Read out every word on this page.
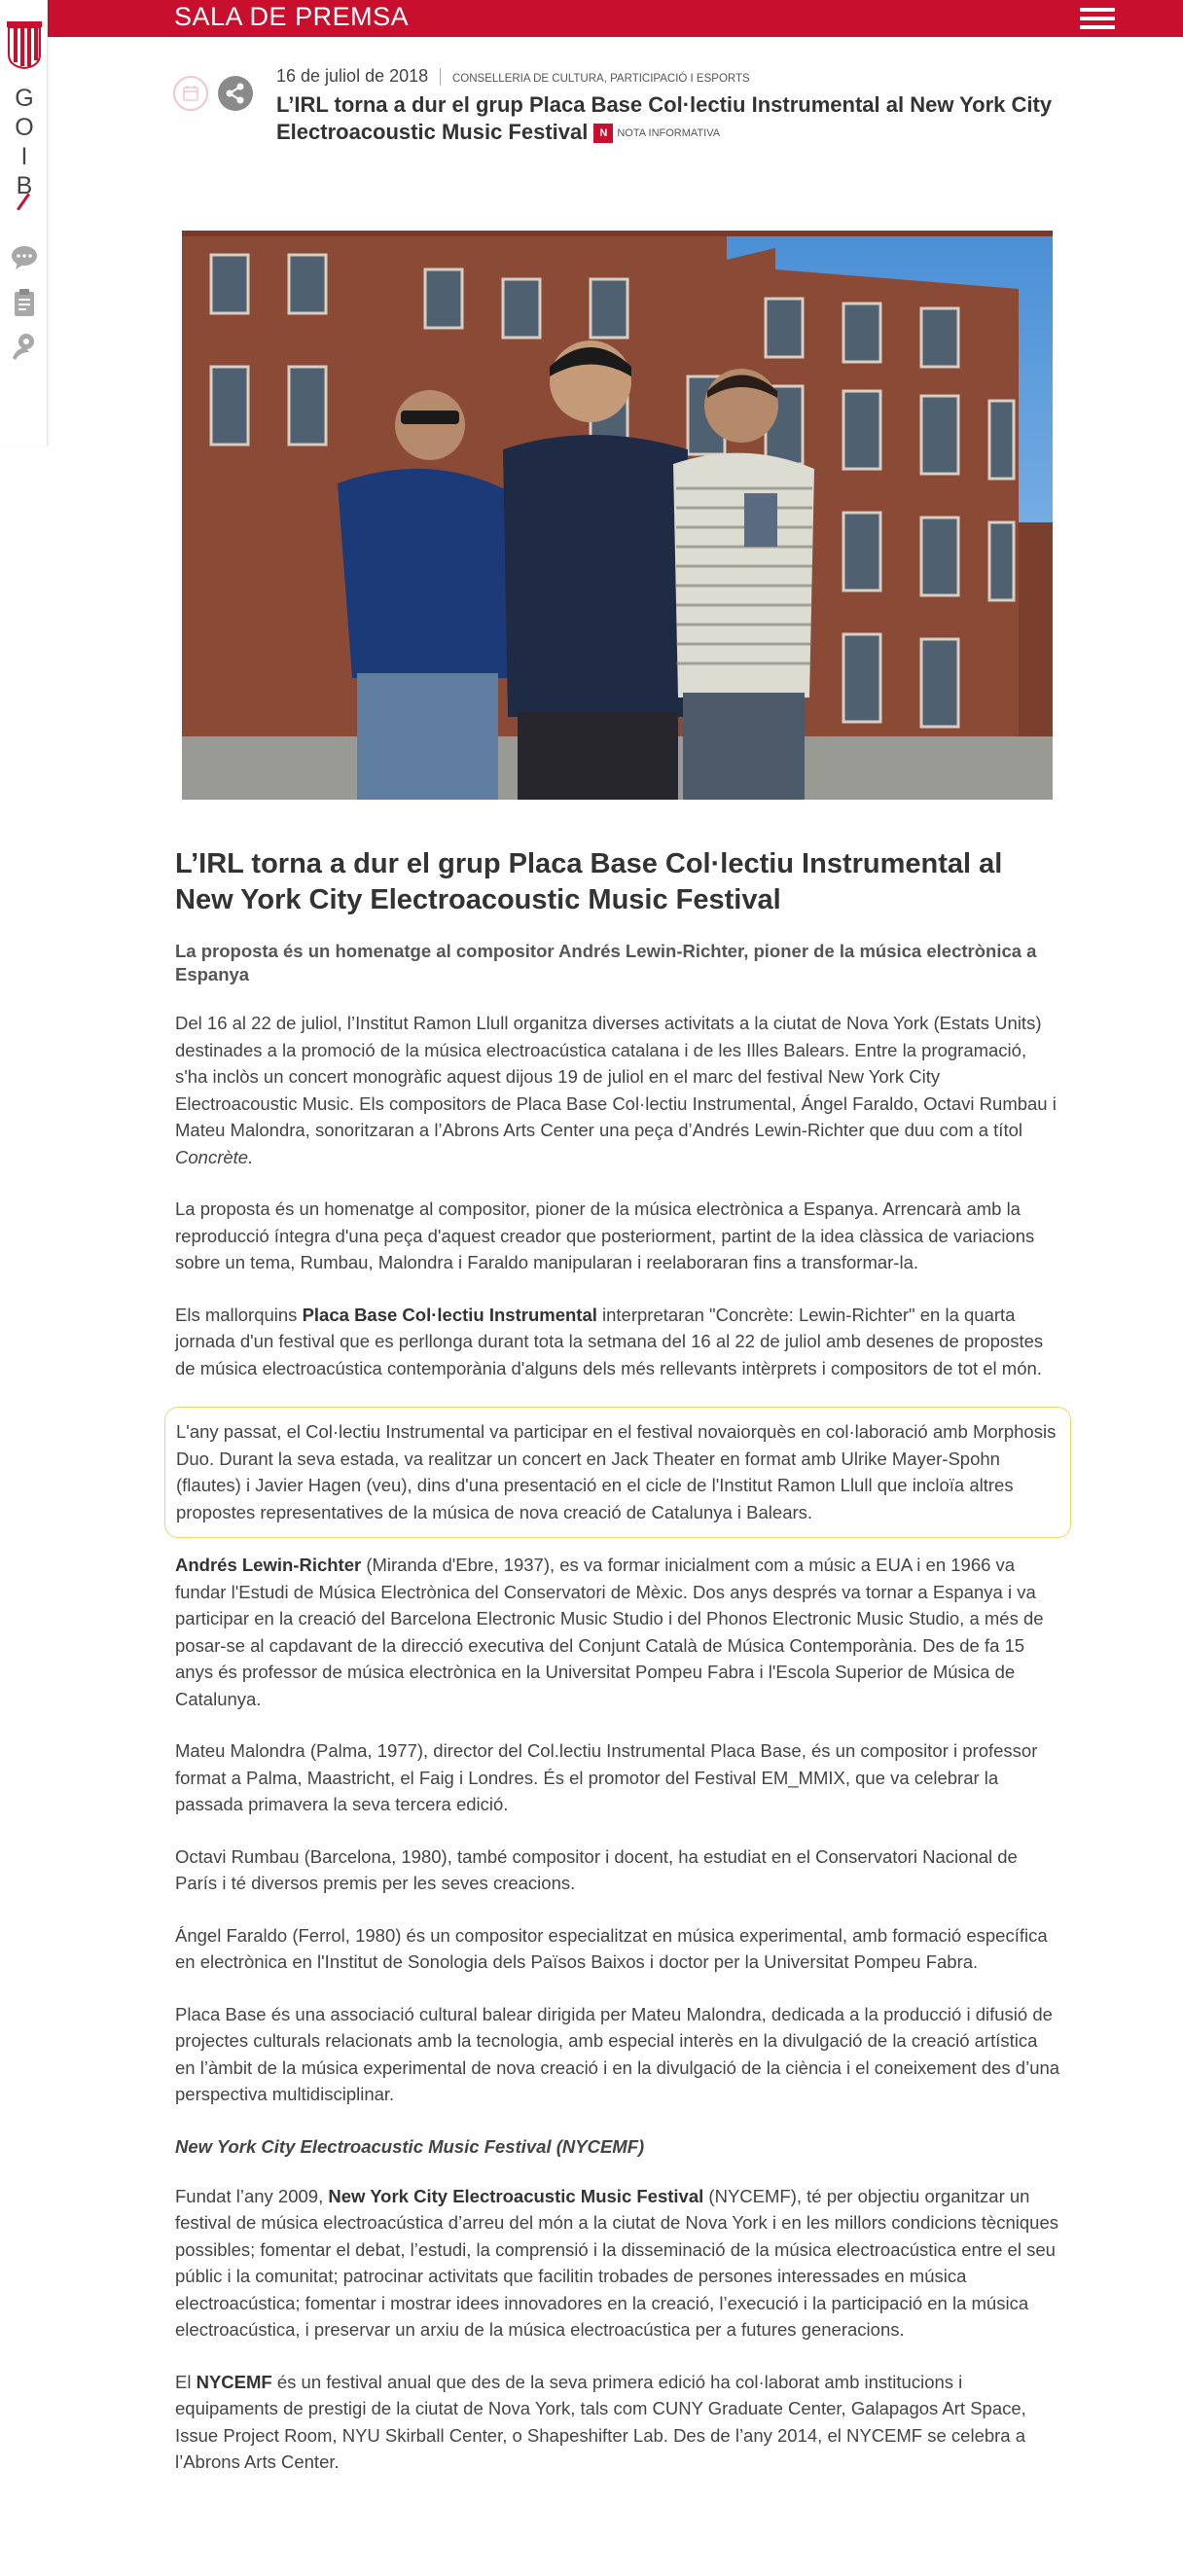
SALA DE PREMSA
G
O
I
B
16 de juliol de 2018 CONSELLERIA DE CULTURA, PARTICIPACIÓ I ESPORTS
L’IRL torna a dur el grup Placa Base Col·lectiu Instrumental al New York City Electroacoustic Music Festival N NOTA INFORMATIVA
L’IRL torna a dur el grup Placa Base Col·lectiu Instrumental al New York City Electroacoustic Music Festival
La proposta és un homenatge al compositor Andrés Lewin-Richter, pioner de la música electrònica a Espanya

Del 16 al 22 de juliol, l’Institut Ramon Llull organitza diverses activitats a la ciutat de Nova York (Estats Units) destinades a la promoció de la música electroacústica catalana i de les Illes Balears. Entre la programació, s'ha inclòs un concert monogràfic aquest dijous 19 de juliol en el marc del festival New York City Electroacoustic Music. Els compositors de Placa Base Col·lectiu Instrumental, Ángel Faraldo, Octavi Rumbau i Mateu Malondra, sonoritzaran a l’Abrons Arts Center una peça d’Andrés Lewin-Richter que duu com a títol Concrète.

La proposta és un homenatge al compositor, pioner de la música electrònica a Espanya. Arrencarà amb la reproducció íntegra d'una peça d'aquest creador que posteriorment, partint de la idea clàssica de variacions sobre un tema, Rumbau, Malondra i Faraldo manipularan i reelaboraran fins a transformar-la.

Els mallorquins Placa Base Col·lectiu Instrumental interpretaran "Concrète: Lewin-Richter" en la quarta jornada d'un festival que es perllonga durant tota la setmana del 16 al 22 de juliol amb desenes de propostes de música electroacústica contemporània d'alguns dels més rellevants intèrprets i compositors de tot el món.

L'any passat, el Col·lectiu Instrumental va participar en el festival novaiorquès en col·laboració amb Morphosis Duo. Durant la seva estada, va realitzar un concert en Jack Theater en format amb Ulrike Mayer-Spohn (flautes) i Javier Hagen (veu), dins d'una presentació en el cicle de l'Institut Ramon Llull que incloïa altres propostes representatives de la música de nova creació de Catalunya i Balears.

Andrés Lewin-Richter (Miranda d'Ebre, 1937), es va formar inicialment com a músic a EUA i en 1966 va fundar l'Estudi de Música Electrònica del Conservatori de Mèxic. Dos anys després va tornar a Espanya i va participar en la creació del Barcelona Electronic Music Studio i del Phonos Electronic Music Studio, a més de posar-se al capdavant de la direcció executiva del Conjunt Català de Música Contemporània. Des de fa 15 anys és professor de música electrònica en la Universitat Pompeu Fabra i l'Escola Superior de Música de Catalunya.

Mateu Malondra (Palma, 1977), director del Col.lectiu Instrumental Placa Base, és un compositor i professor format a Palma, Maastricht, el Faig i Londres. És el promotor del Festival EM_MMIX, que va celebrar la passada primavera la seva tercera edició.

Octavi Rumbau (Barcelona, 1980), també compositor i docent, ha estudiat en el Conservatori Nacional de París i té diversos premis per les seves creacions.

Ángel Faraldo (Ferrol, 1980) és un compositor especialitzat en música experimental, amb formació específica en electrònica en l'Institut de Sonologia dels Països Baixos i doctor per la Universitat Pompeu Fabra.

Placa Base és una associació cultural balear dirigida per Mateu Malondra, dedicada a la producció i difusió de projectes culturals relacionats amb la tecnologia, amb especial interès en la divulgació de la creació artística en l’àmbit de la música experimental de nova creació i en la divulgació de la ciència i el coneixement des d’una perspectiva multidisciplinar.

New York City Electroacustic Music Festival (NYCEMF)

Fundat l’any 2009, New York City Electroacustic Music Festival (NYCEMF), té per objectiu organitzar un festival de música electroacústica d’arreu del món a la ciutat de Nova York i en les millors condicions tècniques possibles; fomentar el debat, l’estudi, la comprensió i la disseminació de la música electroacústica entre el seu públic i la comunitat; patrocinar activitats que facilitin trobades de persones interessades en música electroacústica; fomentar i mostrar idees innovadores en la creació, l’execució i la participació en la música electroacústica, i preservar un arxiu de la música electroacústica per a futures generacions.

El NYCEMF és un festival anual que des de la seva primera edició ha col·laborat amb institucions i equipaments de prestigi de la ciutat de Nova York, tals com CUNY Graduate Center, Galapagos Art Space, Issue Project Room, NYU Skirball Center, o Shapeshifter Lab. Des de l’any 2014, el NYCEMF se celebra a l’Abrons Arts Center.
